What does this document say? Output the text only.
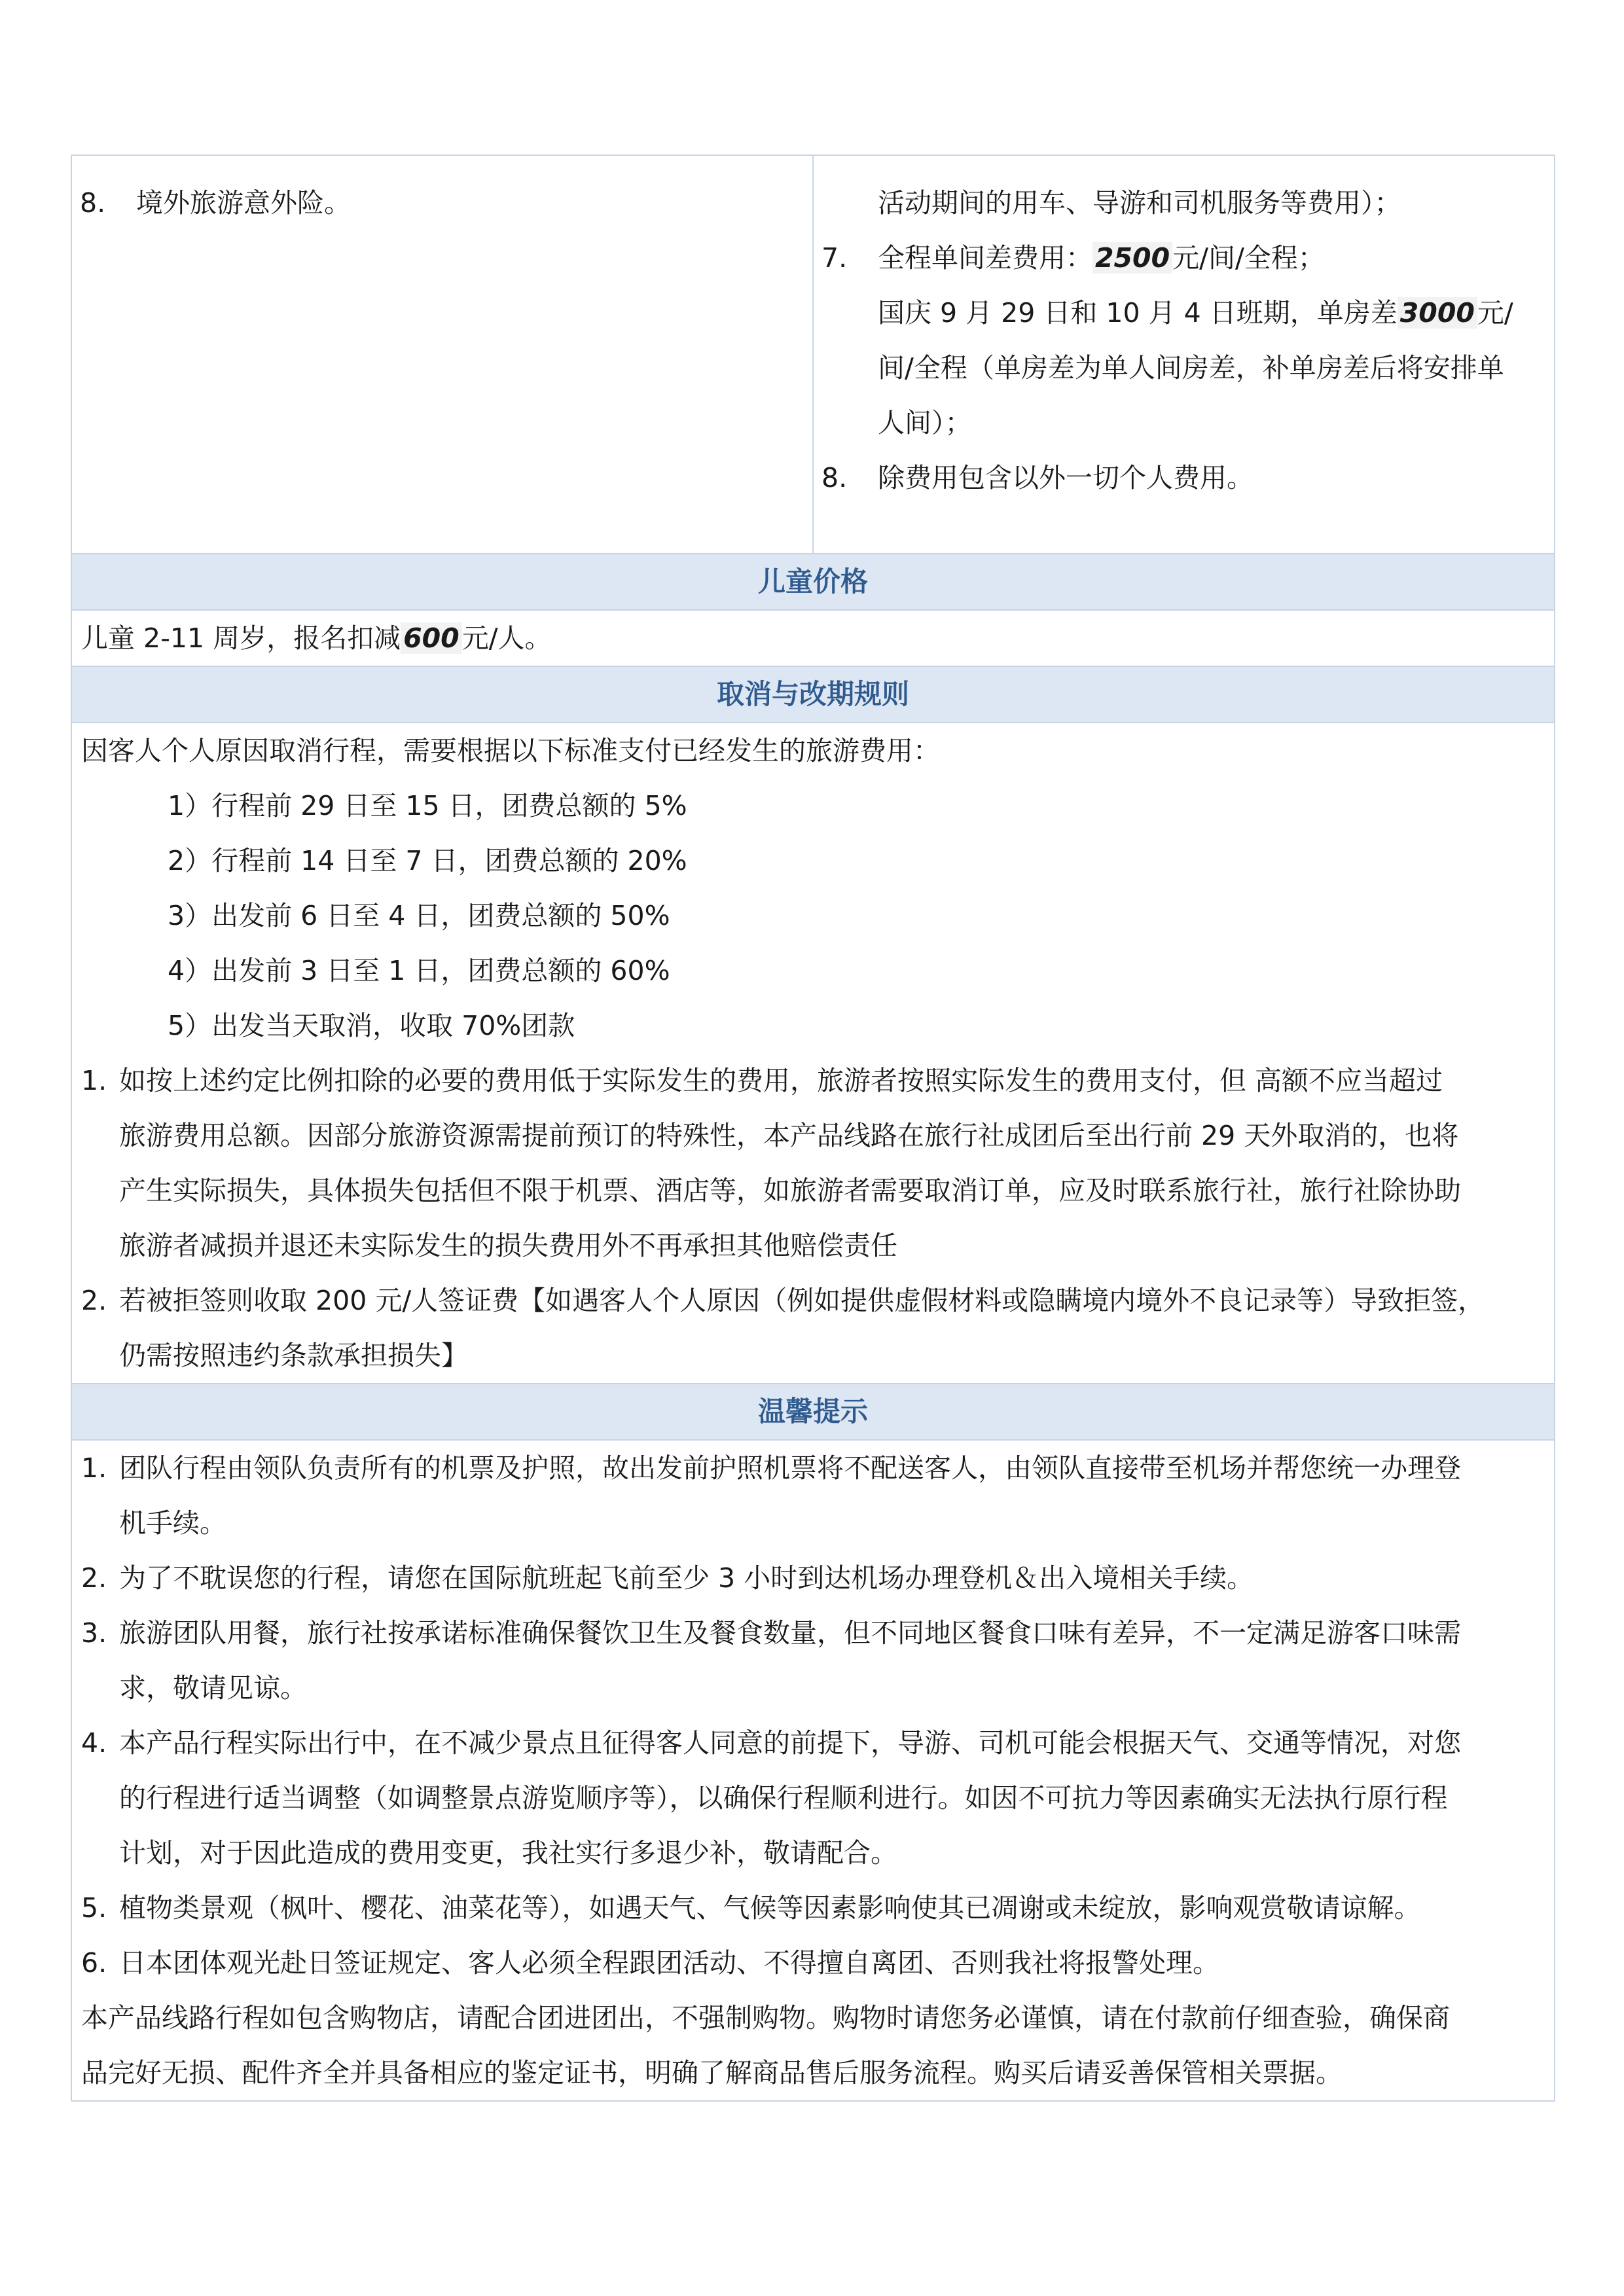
8. 境外旅游意外险。	活动期间的用车、导游和司机服务等费用）；
7. 全程单间差费用：2500元/间/全程；
国庆 9 月 29 日和 10 月 4 日班期，单房差3000元/
间/全程（单房差为单人间房差，补单房差后将安排单
人间）；
8. 除费用包含以外一切个人费用。
儿童价格
儿童 2-11 周岁，报名扣减600元/人。
取消与改期规则
因客人个人原因取消行程，需要根据以下标准支付已经发生的旅游费用：
1）行程前 29 日至 15 日，团费总额的 5%
2）行程前 14 日至 7 日，团费总额的 20%
3）出发前 6 日至 4 日，团费总额的 50%
4）出发前 3 日至 1 日，团费总额的 60%
5）出发当天取消，收取 70%团款
1. 如按上述约定比例扣除的必要的费用低于实际发生的费用，旅游者按照实际发生的费用支付，但 高额不应当超过
旅游费用总额。因部分旅游资源需提前预订的特殊性，本产品线路在旅行社成团后至出行前 29 天外取消的，也将
产生实际损失，具体损失包括但不限于机票、酒店等，如旅游者需要取消订单，应及时联系旅行社，旅行社除协助
旅游者减损并退还未实际发生的损失费用外不再承担其他赔偿责任
2. 若被拒签则收取 200 元/人签证费【如遇客人个人原因（例如提供虚假材料或隐瞒境内境外不良记录等）导致拒签，
仍需按照违约条款承担损失】
温馨提示
1. 团队行程由领队负责所有的机票及护照，故出发前护照机票将不配送客人，由领队直接带至机场并帮您统一办理登
机手续。
2. 为了不耽误您的行程，请您在国际航班起飞前至少 3 小时到达机场办理登机＆出入境相关手续。
3. 旅游团队用餐，旅行社按承诺标准确保餐饮卫生及餐食数量，但不同地区餐食口味有差异，不一定满足游客口味需
求，敬请见谅。
4. 本产品行程实际出行中，在不减少景点且征得客人同意的前提下，导游、司机可能会根据天气、交通等情况，对您
的行程进行适当调整（如调整景点游览顺序等），以确保行程顺利进行。如因不可抗力等因素确实无法执行原行程
计划，对于因此造成的费用变更，我社实行多退少补，敬请配合。
5. 植物类景观（枫叶、樱花、油菜花等），如遇天气、气候等因素影响使其已凋谢或未绽放，影响观赏敬请谅解。
6. 日本团体观光赴日签证规定、客人必须全程跟团活动、不得擅自离团、否则我社将报警处理。
本产品线路行程如包含购物店，请配合团进团出，不强制购物。购物时请您务必谨慎，请在付款前仔细查验，确保商
品完好无损、配件齐全并具备相应的鉴定证书，明确了解商品售后服务流程。购买后请妥善保管相关票据。
